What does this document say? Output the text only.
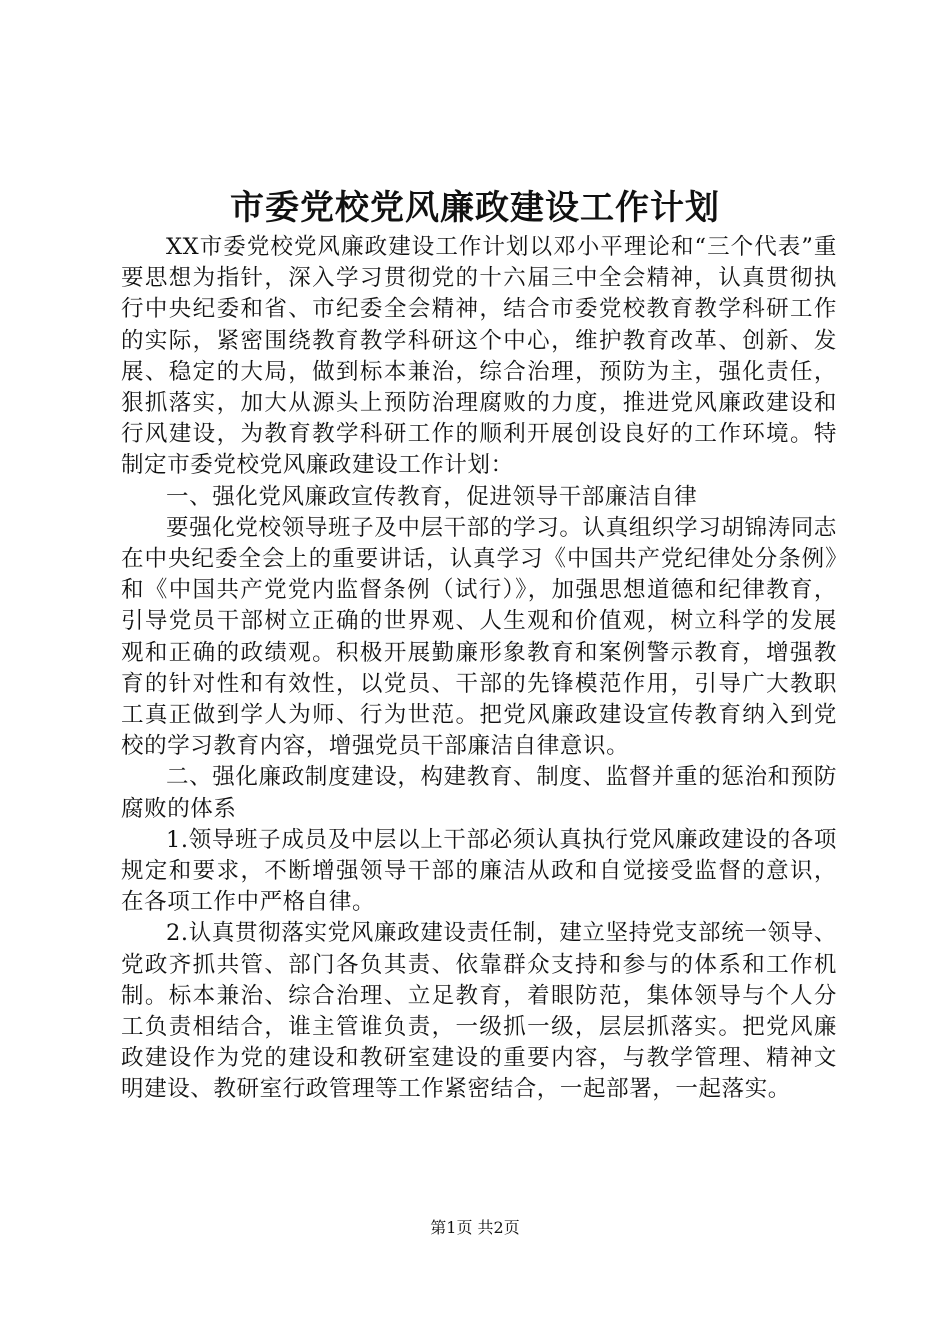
市委党校党风廉政建设工作计划

XX市委党校党风廉政建设工作计划以邓小平理论和“三个代表”重要思想为指针，深入学习贯彻党的十六届三中全会精神，认真贯彻执行中央纪委和省、市纪委全会精神，结合市委党校教育教学科研工作的实际，紧密围绕教育教学科研这个中心，维护教育改革、创新、发展、稳定的大局，做到标本兼治，综合治理，预防为主，强化责任，狠抓落实，加大从源头上预防治理腐败的力度，推进党风廉政建设和行风建设，为教育教学科研工作的顺利开展创设良好的工作环境。特制定市委党校党风廉政建设工作计划：

一、强化党风廉政宣传教育，促进领导干部廉洁自律

要强化党校领导班子及中层干部的学习。认真组织学习胡锦涛同志在中央纪委全会上的重要讲话，认真学习《中国共产党纪律处分条例》和《中国共产党党内监督条例（试行）》，加强思想道德和纪律教育，引导党员干部树立正确的世界观、人生观和价值观，树立科学的发展观和正确的政绩观。积极开展勤廉形象教育和案例警示教育，增强教育的针对性和有效性，以党员、干部的先锋模范作用，引导广大教职工真正做到学人为师、行为世范。把党风廉政建设宣传教育纳入到党校的学习教育内容，增强党员干部廉洁自律意识。

二、强化廉政制度建设，构建教育、制度、监督并重的惩治和预防腐败的体系

1.领导班子成员及中层以上干部必须认真执行党风廉政建设的各项规定和要求，不断增强领导干部的廉洁从政和自觉接受监督的意识，在各项工作中严格自律。

2.认真贯彻落实党风廉政建设责任制，建立坚持党支部统一领导、党政齐抓共管、部门各负其责、依靠群众支持和参与的体系和工作机制。标本兼治、综合治理、立足教育，着眼防范，集体领导与个人分工负责相结合，谁主管谁负责，一级抓一级，层层抓落实。把党风廉政建设作为党的建设和教研室建设的重要内容，与教学管理、精神文明建设、教研室行政管理等工作紧密结合，一起部署，一起落实。

第1页 共2页
